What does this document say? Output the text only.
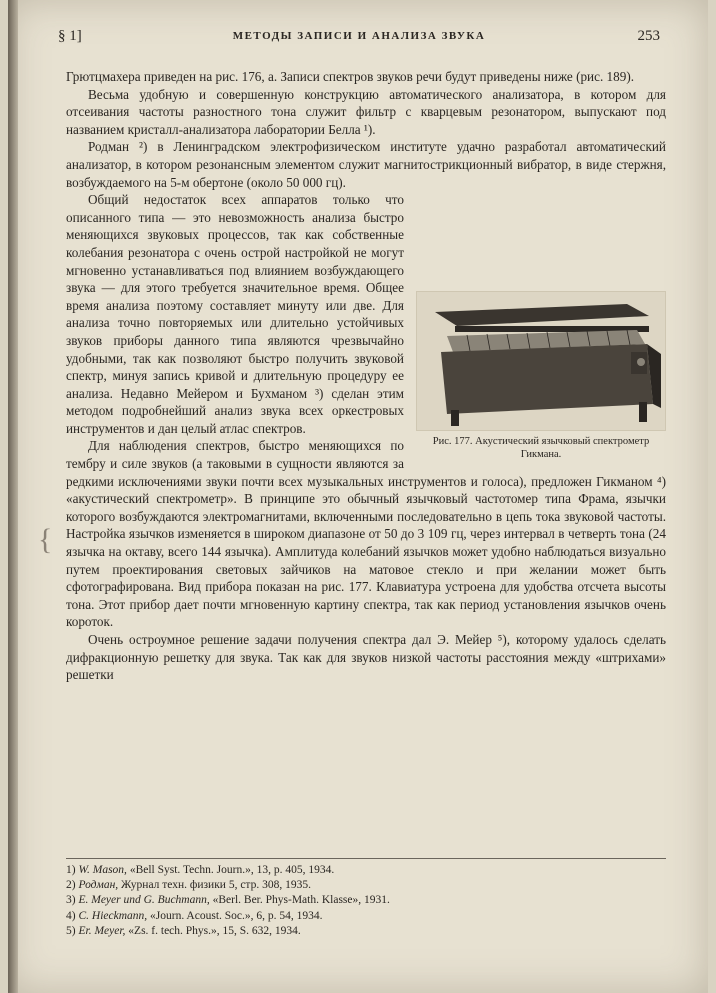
§ 1]	МЕТОДЫ ЗАПИСИ И АНАЛИЗА ЗВУКА	253

Грютцмахера приведен на рис. 176, а. Записи спектров звуков речи будут приведены ниже (рис. 189).

Весьма удобную и совершенную конструкцию автоматического анализатора, в котором для отсеивания частоты разностного тона служит фильтр с кварцевым резонатором, выпускают под названием кристалл-анализатора лаборатории Белла ¹).

Родман ²) в Ленинградском электрофизическом институте удачно разработал автоматический анализатор, в котором резонансным элементом служит магнитострикционный вибратор, в виде стержня, возбуждаемого на 5-м обертоне (около 50 000 гц).

Рис. 177. Акустический язычковый спектрометр Гикмана.

Общий недостаток всех аппаратов только что описанного типа — это невозможность анализа быстро меняющихся звуковых процессов, так как собственные колебания резонатора с очень острой настройкой не могут мгновенно устанавливаться под влиянием возбуждающего звука — для этого требуется значительное время. Общее время анализа поэтому составляет минуту или две. Для анализа точно повторяемых или длительно устойчивых звуков приборы данного типа являются чрезвычайно удобными, так как позволяют быстро получить звуковой спектр, минуя запись кривой и длительную процедуру ее анализа. Недавно Мейером и Бухманом ³) сделан этим методом подробнейший анализ звука всех оркестровых инструментов и дан целый атлас спектров.

Для наблюдения спектров, быстро меняющихся по тембру и силе звуков (а таковыми в сущности являются за редкими исключениями звуки почти всех музыкальных инструментов и голоса), предложен Гикманом ⁴) «акустический спектрометр». В принципе это обычный язычковый частотомер типа Фрама, язычки которого возбуждаются электромагнитами, включенными последовательно в цепь тока звуковой частоты. Настройка язычков изменяется в широком диапазоне от 50 до 3 109 гц, через интервал в четверть тона (24 язычка на октаву, всего 144 язычка). Амплитуда колебаний язычков может удобно наблюдаться визуально путем проектирования световых зайчиков на матовое стекло и при желании может быть сфотографирована. Вид прибора показан на рис. 177. Клавиатура устроена для удобства отсчета высоты тона. Этот прибор дает почти мгновенную картину спектра, так как период установления язычков очень короток.

Очень остроумное решение задачи получения спектра дал Э. Мейер ⁵), которому удалось сделать дифракционную решетку для звука. Так как для звуков низкой частоты расстояния между «штрихами» решетки

{
1) W. Mason, «Bell Syst. Techn. Journ.», 13, p. 405, 1934.
2) Родман, Журнал техн. физики 5, стр. 308, 1935.
3) E. Meyer und G. Buchmann, «Berl. Ber. Phys-Math. Klasse», 1931.
4) C. Hieckmann, «Journ. Acoust. Soc.», 6, p. 54, 1934.
5) Er. Meyer, «Zs. f. tech. Phys.», 15, S. 632, 1934.
